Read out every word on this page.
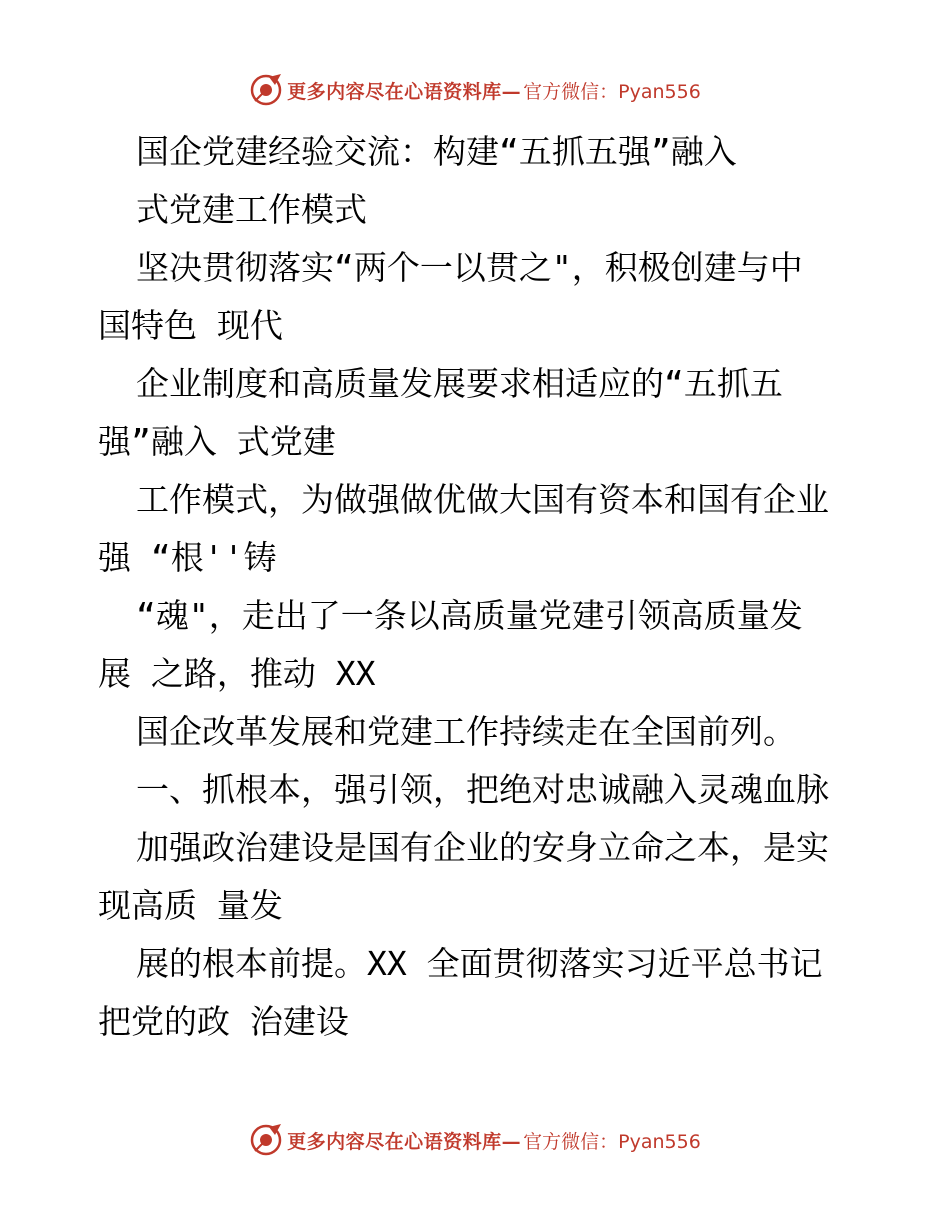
更多内容尽在心语资料库— 官方微信：Pyan556
国企党建经验交流：构建“五抓五强”融入
式党建工作模式
坚决贯彻落实“两个一以贯之"，积极创建与中
国特色 现代
企业制度和高质量发展要求相适应的“五抓五
强”融入 式党建
工作模式，为做强做优做大国有资本和国有企业
强 “根''铸
“魂"，走出了一条以高质量党建引领高质量发
展 之路，推动 XX
国企改革发展和党建工作持续走在全国前列。
一、抓根本，强引领，把绝对忠诚融入灵魂血脉
加强政治建设是国有企业的安身立命之本，是实
现高质 量发
展的根本前提。XX 全面贯彻落实习近平总书记
把党的政 治建设
更多内容尽在心语资料库— 官方微信：Pyan556
